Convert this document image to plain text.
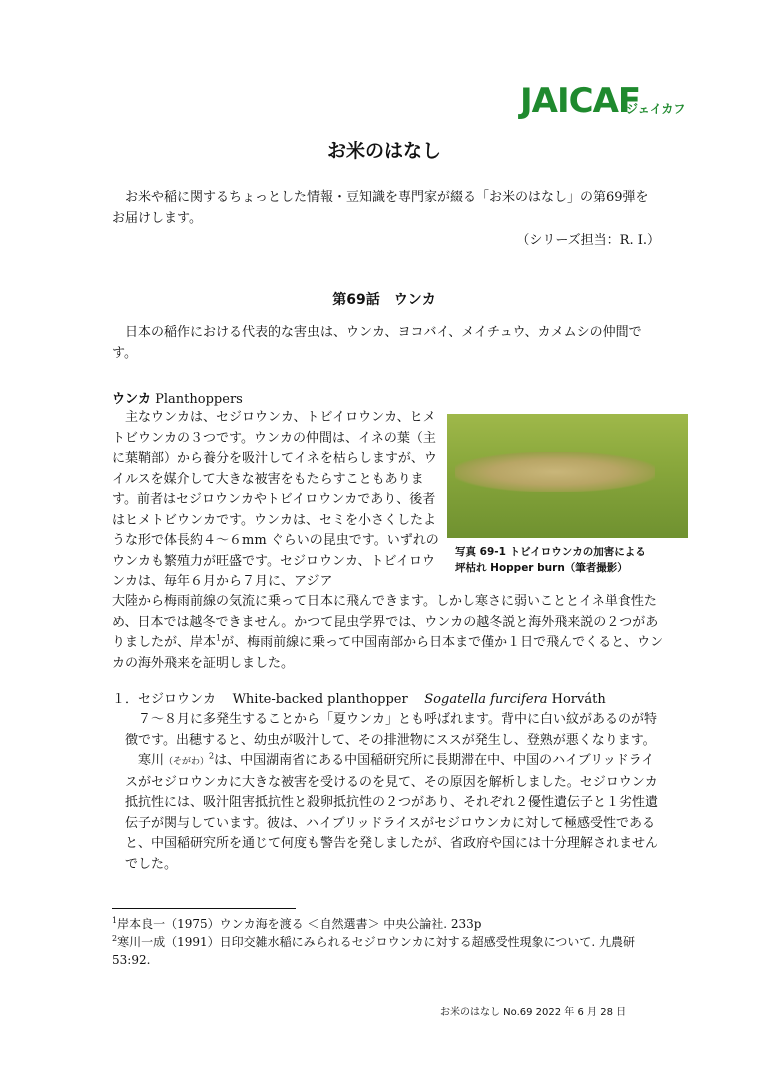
JAICAF
ジェイカフ
お米のはなし
お米や稲に関するちょっとした情報・豆知識を専門家が綴る「お米のはなし」の第69弾をお届けします。
（シリーズ担当：R. I.）
第69話　ウンカ
日本の稲作における代表的な害虫は、ウンカ、ヨコバイ、メイチュウ、カメムシの仲間です。
ウンカ Planthoppers
主なウンカは、セジロウンカ、トビイロウンカ、ヒメトビウンカの３つです。ウンカの仲間は、イネの葉（主に葉鞘部）から養分を吸汁してイネを枯らしますが、ウイルスを媒介して大きな被害をもたらすこともあります。前者はセジロウンカやトビイロウンカであり、後者はヒメトビウンカです。ウンカは、セミを小さくしたような形で体長約４～６mm ぐらいの昆虫です。いずれのウンカも繁殖力が旺盛です。セジロウンカ、トビイロウンカは、毎年６月から７月に、アジア
写真 69-1 トビイロウンカの加害による
坪枯れ Hopper burn（筆者撮影）
大陸から梅雨前線の気流に乗って日本に飛んできます。しかし寒さに弱いこととイネ単食性ため、日本では越冬できません。かつて昆虫学界では、ウンカの越冬説と海外飛来説の２つがありましたが、岸本$^1$が、梅雨前線に乗って中国南部から日本まで僅か１日で飛んでくると、ウンカの海外飛来を証明しました。
１．セジロウンカ White-backed planthopper Sogatella furcifera Horváth
７～８月に多発生することから「夏ウンカ」とも呼ばれます。背中に白い紋があるのが特徴です。出穂すると、幼虫が吸汁して、その排泄物にススが発生し、登熟が悪くなります。
寒川（そがわ）$^2$は、中国湖南省にある中国稲研究所に長期滞在中、中国のハイブリッドライスがセジロウンカに大きな被害を受けるのを見て、その原因を解析しました。セジロウンカ抵抗性には、吸汁阻害抵抗性と殺卵抵抗性の２つがあり、それぞれ２優性遺伝子と１劣性遺伝子が関与しています。彼は、ハイブリッドライスがセジロウンカに対して極感受性であると、中国稲研究所を通じて何度も警告を発しましたが、省政府や国には十分理解されませんでした。
$^1$岸本良一（1975）ウンカ海を渡る ＜自然選書＞ 中央公論社. 233p
$^2$寒川一成（1991）日印交雑水稲にみられるセジロウンカに対する超感受性現象について. 九農研 53:92.
お米のはなし No.69 2022 年 6 月 28 日
